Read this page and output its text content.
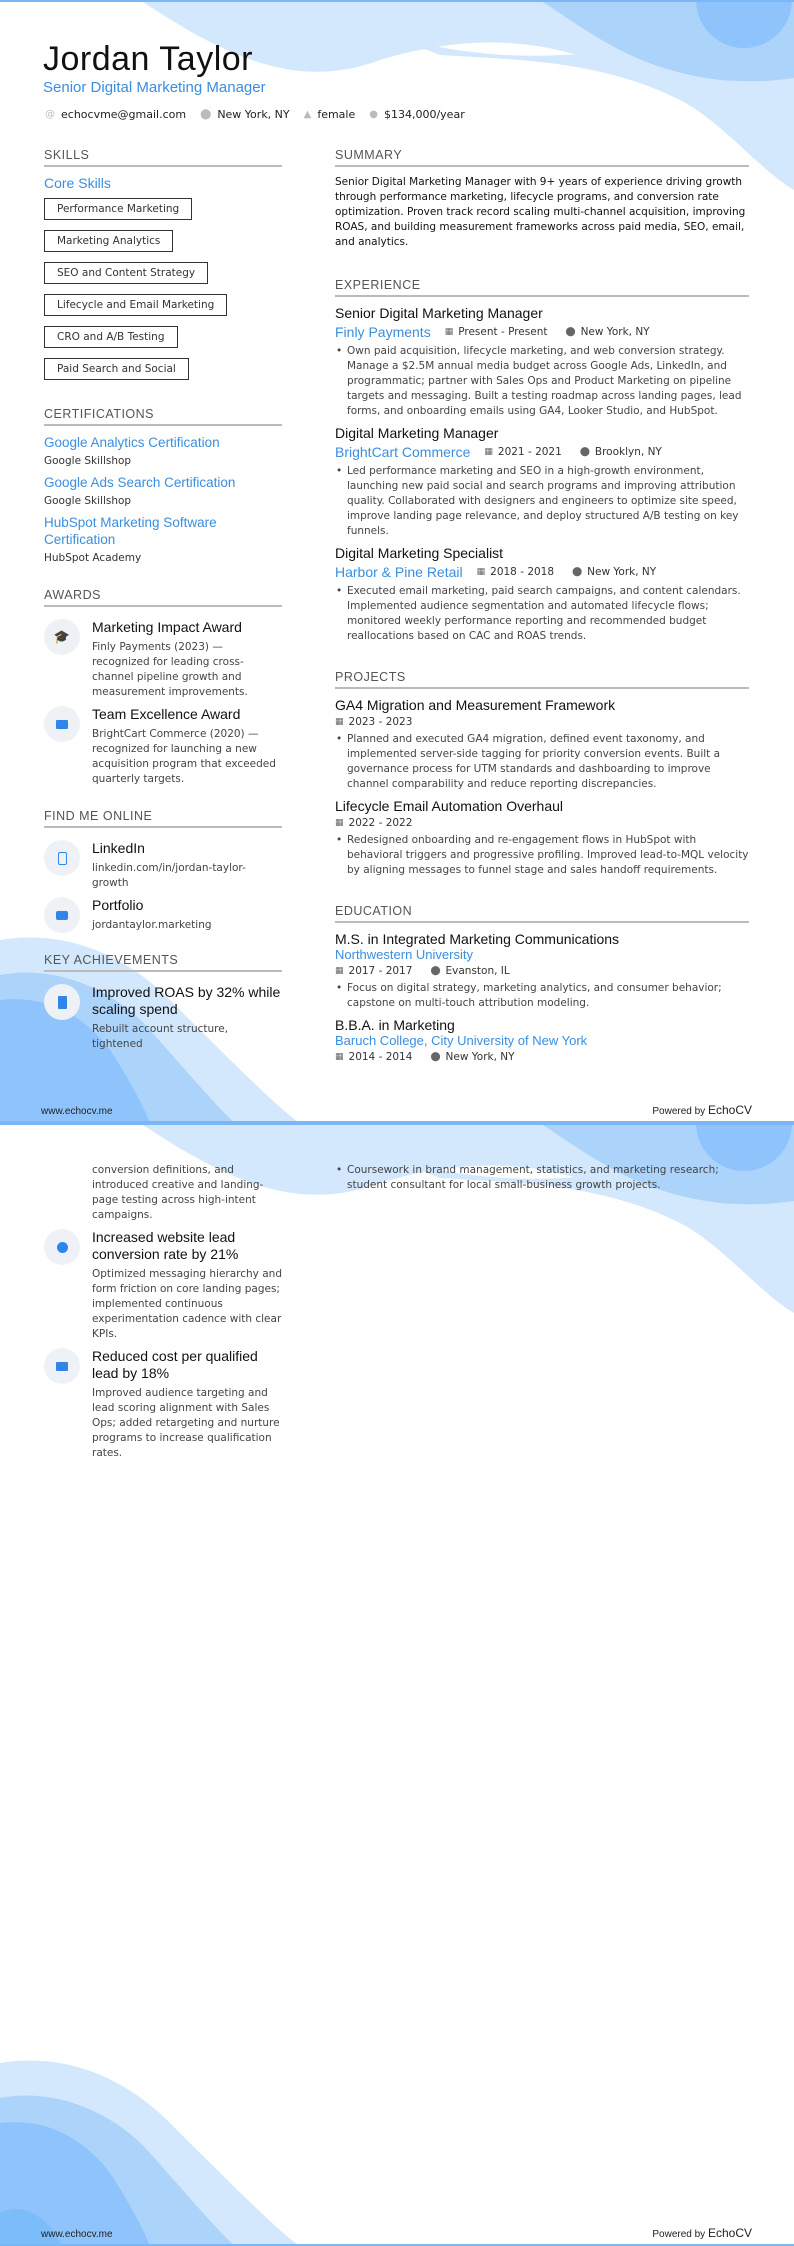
Jordan Taylor
Senior Digital Marketing Manager
@ echocvme@gmail.com ⬤ New York, NY ▲ female ● $134,000/year
SKILLS
Core Skills
Performance Marketing
Marketing Analytics
SEO and Content Strategy
Lifecycle and Email Marketing
CRO and A/B Testing
Paid Search and Social
CERTIFICATIONS
Google Analytics Certification
Google Skillshop
Google Ads Search Certification
Google Skillshop
HubSpot Marketing Software Certification
HubSpot Academy
AWARDS
🎓
Marketing Impact Award
Finly Payments (2023) — recognized for leading cross-channel pipeline growth and measurement improvements.
Team Excellence Award
BrightCart Commerce (2020) — recognized for launching a new acquisition program that exceeded quarterly targets.
FIND ME ONLINE
LinkedIn
linkedin.com/in/jordan-taylor-growth
Portfolio
jordantaylor.marketing
KEY ACHIEVEMENTS
Improved ROAS by 32% while scaling spend
Rebuilt account structure, tightened
SUMMARY
Senior Digital Marketing Manager with 9+ years of experience driving growth through performance marketing, lifecycle programs, and conversion rate optimization. Proven track record scaling multi-channel acquisition, improving ROAS, and building measurement frameworks across paid media, SEO, email, and analytics.
EXPERIENCE
Senior Digital Marketing Manager
Finly Payments ▦ Present - Present ⬤ New York, NY
• Own paid acquisition, lifecycle marketing, and web conversion strategy. Manage a $2.5M annual media budget across Google Ads, LinkedIn, and programmatic; partner with Sales Ops and Product Marketing on pipeline targets and messaging. Built a testing roadmap across landing pages, lead forms, and onboarding emails using GA4, Looker Studio, and HubSpot.
Digital Marketing Manager
BrightCart Commerce ▦ 2021 - 2021 ⬤ Brooklyn, NY
• Led performance marketing and SEO in a high-growth environment, launching new paid social and search programs and improving attribution quality. Collaborated with designers and engineers to optimize site speed, improve landing page relevance, and deploy structured A/B testing on key funnels.
Digital Marketing Specialist
Harbor & Pine Retail ▦ 2018 - 2018 ⬤ New York, NY
• Executed email marketing, paid search campaigns, and content calendars. Implemented audience segmentation and automated lifecycle flows; monitored weekly performance reporting and recommended budget reallocations based on CAC and ROAS trends.
PROJECTS
GA4 Migration and Measurement Framework
▦ 2023 - 2023
• Planned and executed GA4 migration, defined event taxonomy, and implemented server-side tagging for priority conversion events. Built a governance process for UTM standards and dashboarding to improve channel comparability and reduce reporting discrepancies.
Lifecycle Email Automation Overhaul
▦ 2022 - 2022
• Redesigned onboarding and re-engagement flows in HubSpot with behavioral triggers and progressive profiling. Improved lead-to-MQL velocity by aligning messages to funnel stage and sales handoff requirements.
EDUCATION
M.S. in Integrated Marketing Communications
Northwestern University
▦ 2017 - 2017 ⬤ Evanston, IL
• Focus on digital strategy, marketing analytics, and consumer behavior; capstone on multi-touch attribution modeling.
B.B.A. in Marketing
Baruch College, City University of New York
▦ 2014 - 2014 ⬤ New York, NY
www.echocv.me	Powered by EchoCV
conversion definitions, and introduced creative and landing-page testing across high-intent campaigns.
Increased website lead conversion rate by 21%
Optimized messaging hierarchy and form friction on core landing pages; implemented continuous experimentation cadence with clear KPIs.
Reduced cost per qualified lead by 18%
Improved audience targeting and lead scoring alignment with Sales Ops; added retargeting and nurture programs to increase qualification rates.
• Coursework in brand management, statistics, and marketing research; student consultant for local small-business growth projects.
www.echocv.me	Powered by EchoCV
